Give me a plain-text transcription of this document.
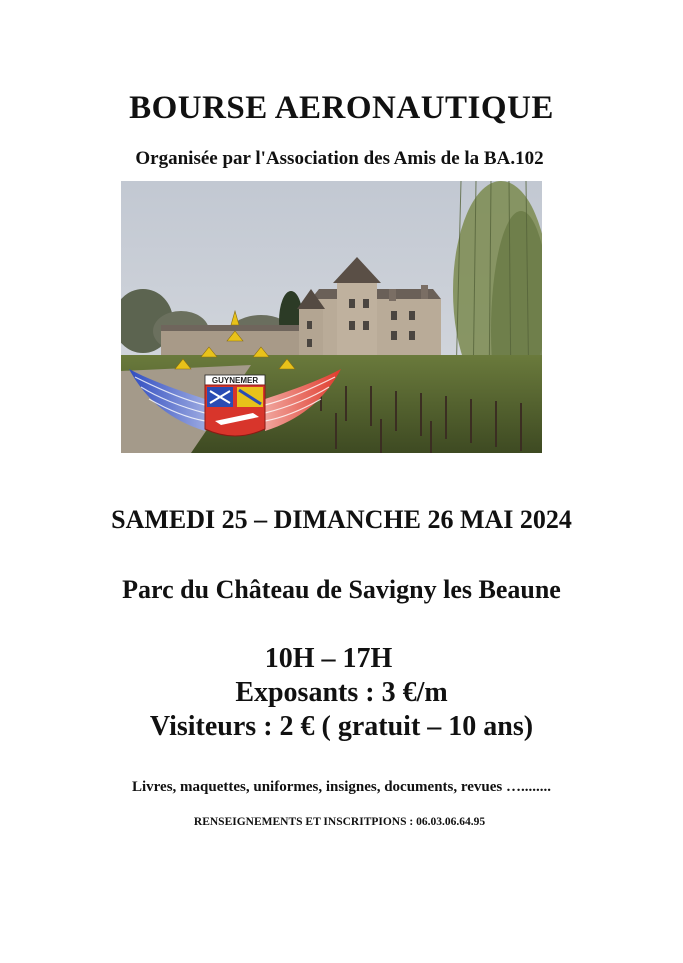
BOURSE AERONAUTIQUE
Organisée par l'Association des Amis de la BA.102
GUYNEMER
SAMEDI 25 – DIMANCHE 26 MAI 2024
Parc du Château de Savigny les Beaune
10H – 17H
Exposants : 3 €/m
Visiteurs : 2 € ( gratuit – 10 ans)
Livres, maquettes, uniformes, insignes, documents, revues …........
RENSEIGNEMENTS ET INSCRITPIONS : 06.03.06.64.95
